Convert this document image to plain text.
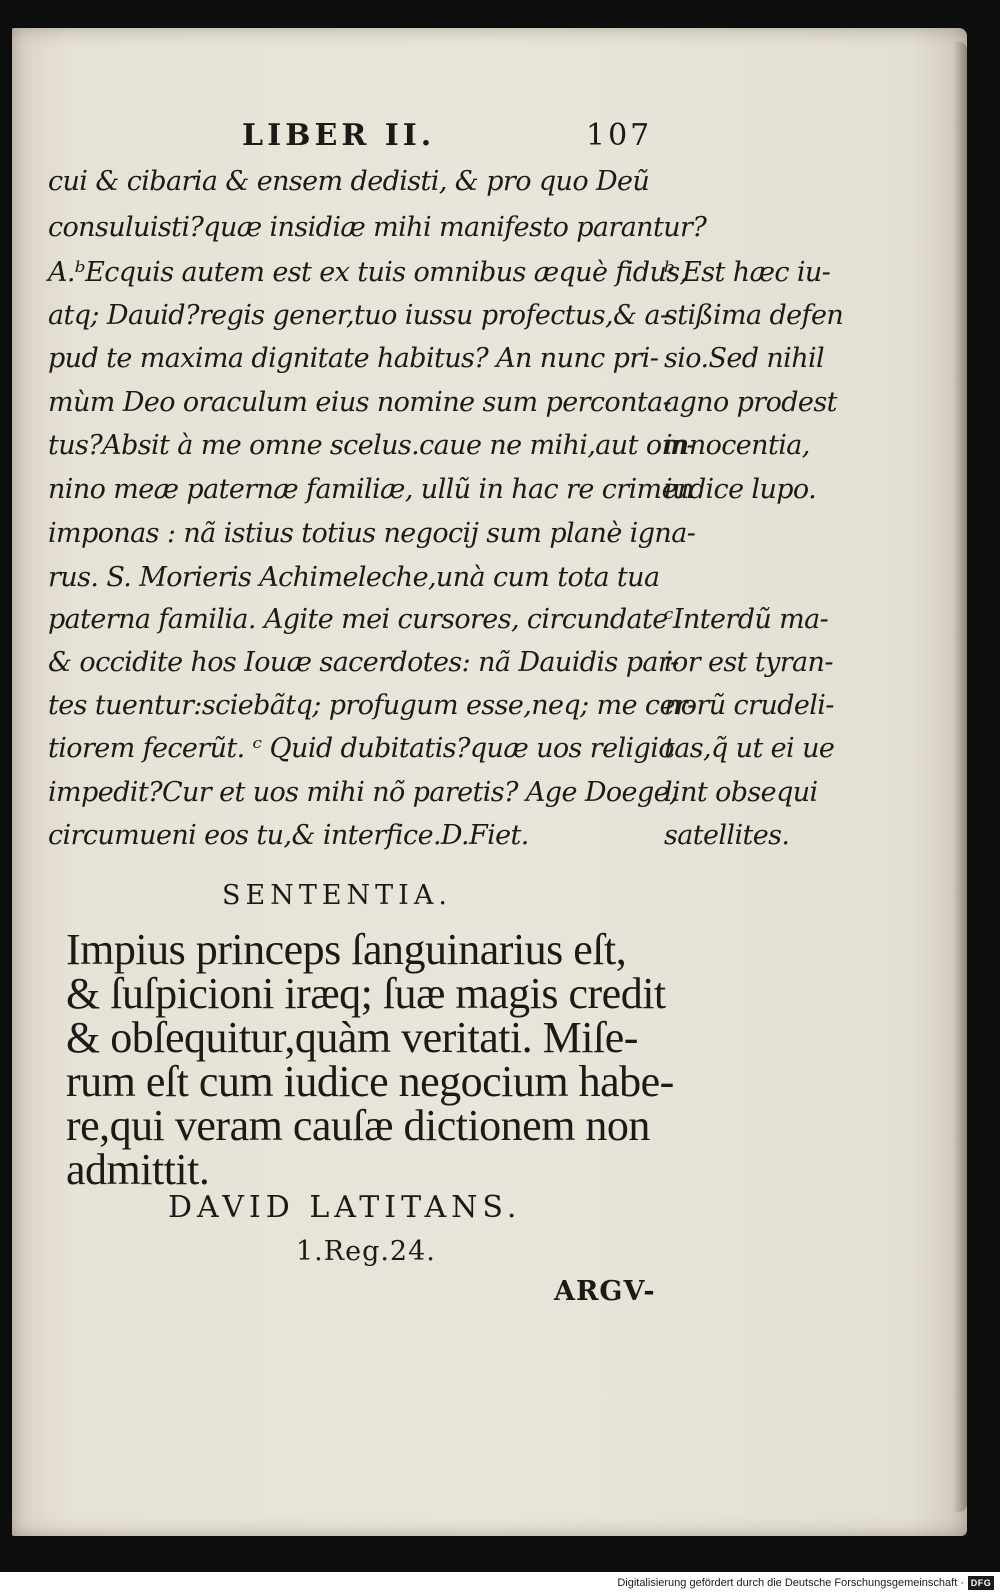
LIBER II.	107
cui & cibaria & ensem dedisti, & pro quo Deũ
consuluisti?quæ insidiæ mihi manifesto parantur?
A.ᵇEcquis autem est ex tuis omnibus æquè fidus,
atq; Dauid?regis gener,tuo iussu profectus,& a-
pud te maxima dignitate habitus? An nunc pri-
mùm Deo oraculum eius nomine sum perconta-
tus?Absit à me omne scelus.caue ne mihi,aut om-
nino meæ paternæ familiæ, ullũ in hac re crimen
imponas : nã istius totius negocij sum planè igna-
rus. S. Morieris Achimeleche,unà cum tota tua
paterna familia. Agite mei cursores, circundate
& occidite hos Iouæ sacerdotes: nã Dauidis par-
tes tuentur:sciebãtq; profugum esse,neq; me cer-
tiorem fecerũt. ᶜ Quid dubitatis?quæ uos religio
impedit?Cur et uos mihi nõ paretis? Age Doege,
circumueni eos tu,& interfice.D.Fiet.
ᵇ Est hæc iu-
stißima defen
sio.Sed nihil
agno prodest
innocentia,
iudice lupo.
ᶜInterdũ ma-
ior est tyran-
norũ crudeli-
tas,q̃ ut ei ue
lint obsequi
satellites.
SENTENTIA.
Impius princeps ſanguinarius eſt,
& ſuſpicioni iræq; ſuæ magis credit
& obſequitur,quàm veritati. Miſe-
rum eſt cum iudice negocium habe-
re,qui veram cauſæ dictionem non
admittit.
DAVID LATITANS.
1.Reg.24.
ARGV-
Digitalisierung gefördert durch die Deutsche Forschungsgemeinschaft · DFG
